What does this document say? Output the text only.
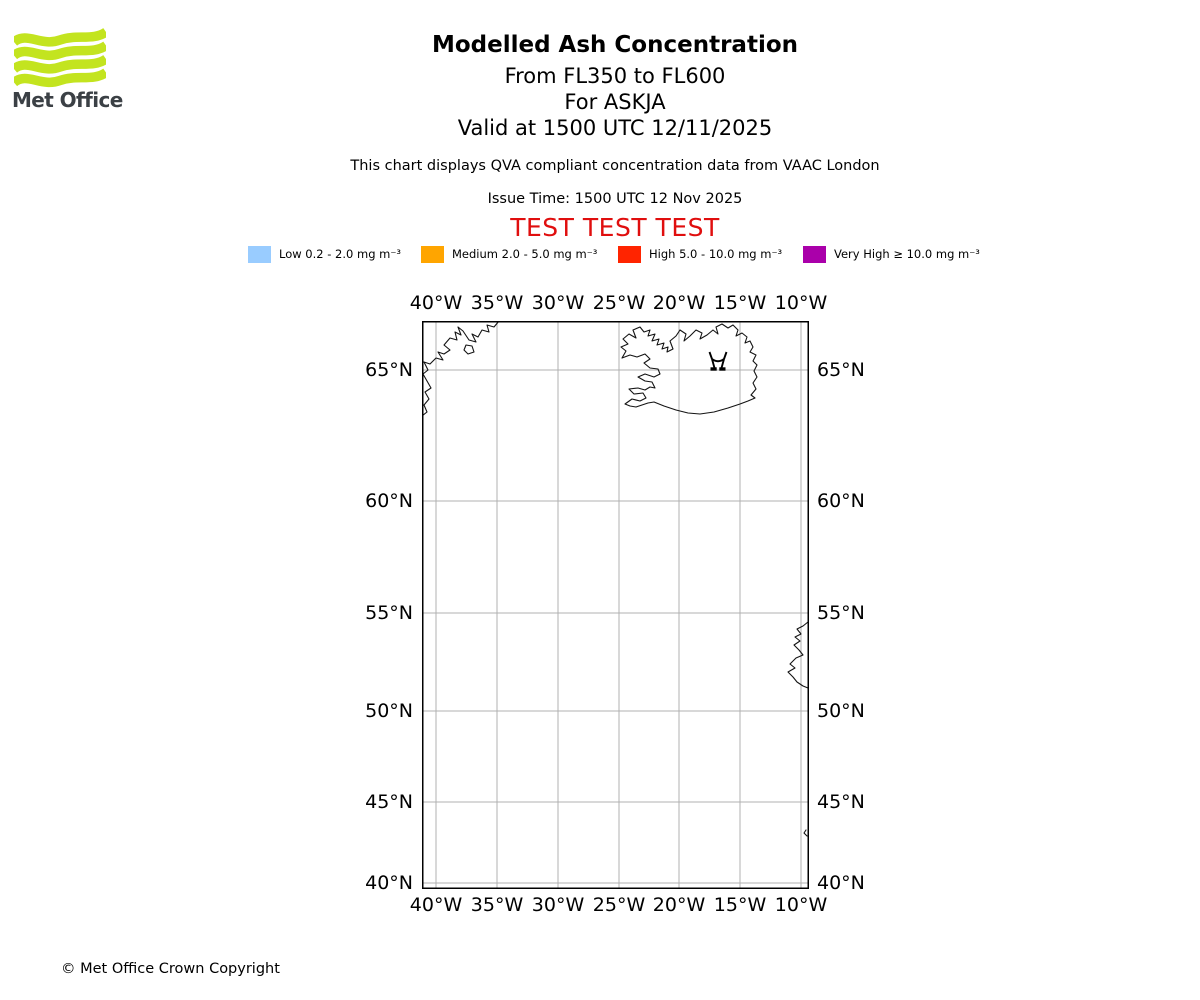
Met Office
Modelled Ash Concentration
From FL350 to FL600
For ASKJA
Valid at 1500 UTC 12/11/2025
This chart displays QVA compliant concentration data from VAAC London
Issue Time: 1500 UTC 12 Nov 2025
TEST TEST TEST
Low 0.2 - 2.0 mg m⁻³	Medium 2.0 - 5.0 mg m⁻³	High 5.0 - 10.0 mg m⁻³	Very High ≥ 10.0 mg m⁻³
40°W 35°W 30°W 25°W 20°W 15°W 10°W
40°W 35°W 30°W 25°W 20°W 15°W 10°W
65°N
60°N
55°N
50°N
45°N
40°N
65°N
60°N
55°N
50°N
45°N
40°N
© Met Office Crown Copyright
